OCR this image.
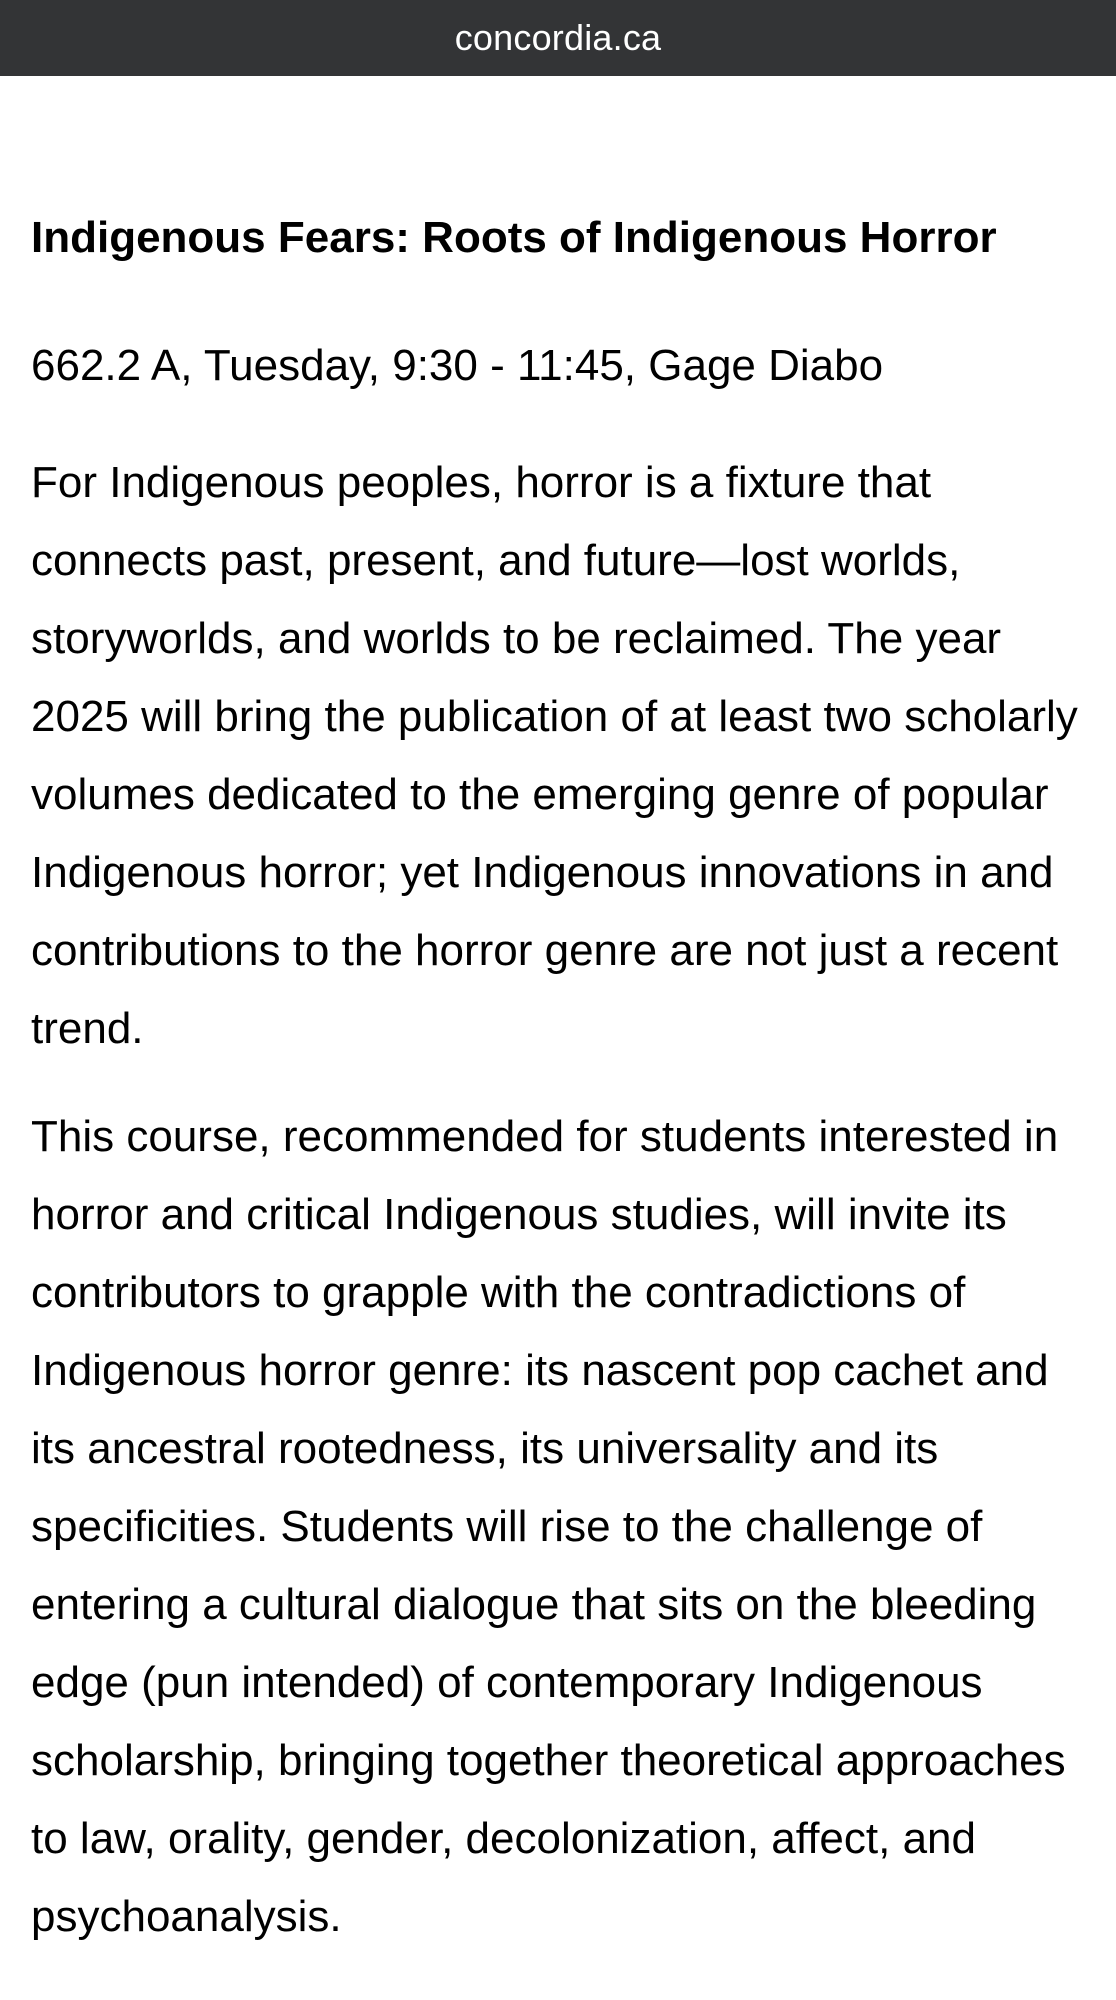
concordia.ca
Indigenous Fears: Roots of Indigenous Horror

662.2 A, Tuesday, 9:30 - 11:45, Gage Diabo

For Indigenous peoples, horror is a fixture that connects past, present, and future—lost worlds, storyworlds, and worlds to be reclaimed. The year 2025 will bring the publication of at least two scholarly volumes dedicated to the emerging genre of popular Indigenous horror; yet Indigenous innovations in and contributions to the horror genre are not just a recent trend.

This course, recommended for students interested in horror and critical Indigenous studies, will invite its contributors to grapple with the contradictions of Indigenous horror genre: its nascent pop cachet and its ancestral rootedness, its universality and its specificities. Students will rise to the challenge of entering a cultural dialogue that sits on the bleeding edge (pun intended) of contemporary Indigenous scholarship, bringing together theoretical approaches to law, orality, gender, decolonization, affect, and psychoanalysis.
